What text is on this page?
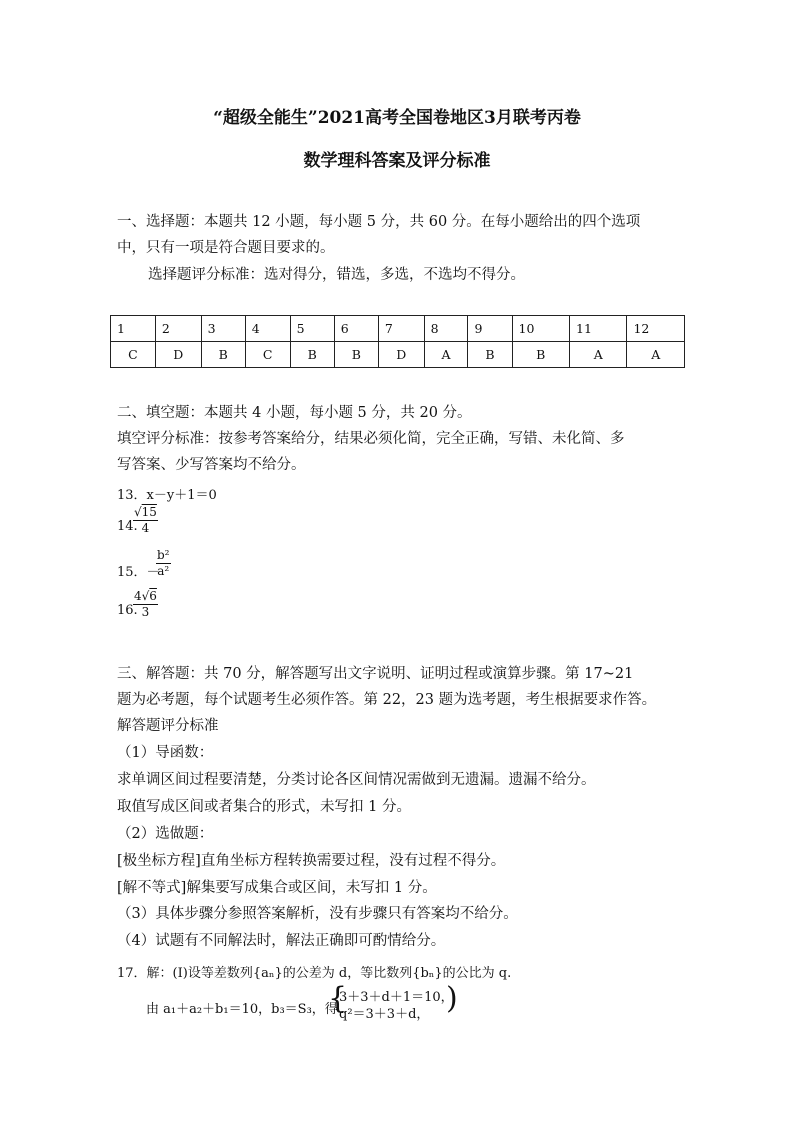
“超级全能生”2021高考全国卷地区3月联考丙卷
数学理科答案及评分标准
一、选择题：本题共 12 小题，每小题 5 分，共 60 分。在每小题给出的四个选项
中，只有一项是符合题目要求的。
选择题评分标准：选对得分，错选，多选，不选均不得分。
1	2	3	4	5	6	7	8	9	10	11	12
C	D	B	C	B	B	D	A	B	B	A	A
二、填空题：本题共 4 小题，每小题 5 分，共 20 分。
填空评分标准：按参考答案给分，结果必须化简，完全正确，写错、未化简、多
写答案、少写答案均不给分。
13．x－y＋1＝0
14.
$\frac{√15}{4}$
15．－
$\frac{\text{b²}}{\text{a²}}$
16.
$\frac{4√6}{3}$
三、解答题：共 70 分，解答题写出文字说明、证明过程或演算步骤。第 17~21
题为必考题，每个试题考生必须作答。第 22，23 题为选考题，考生根据要求作答。
解答题评分标准
（1）导函数：
求单调区间过程要清楚，分类讨论各区间情况需做到无遗漏。遗漏不给分。
取值写成区间或者集合的形式，未写扣 1 分。
（2）选做题：
[极坐标方程]直角坐标方程转换需要过程，没有过程不得分。
[解不等式]解集要写成集合或区间，未写扣 1 分。
（3）具体步骤分参照答案解析，没有步骤只有答案均不给分。
（4）试题有不同解法时，解法正确即可酌情给分。
17．解：(Ⅰ)设等差数列{aₙ}的公差为 d，等比数列{bₙ}的公比为 q.
由 a₁＋a₂＋b₁＝10，b₃＝S₃，得
{
3＋3＋d＋1＝10，
q²＝3＋3＋d， )
